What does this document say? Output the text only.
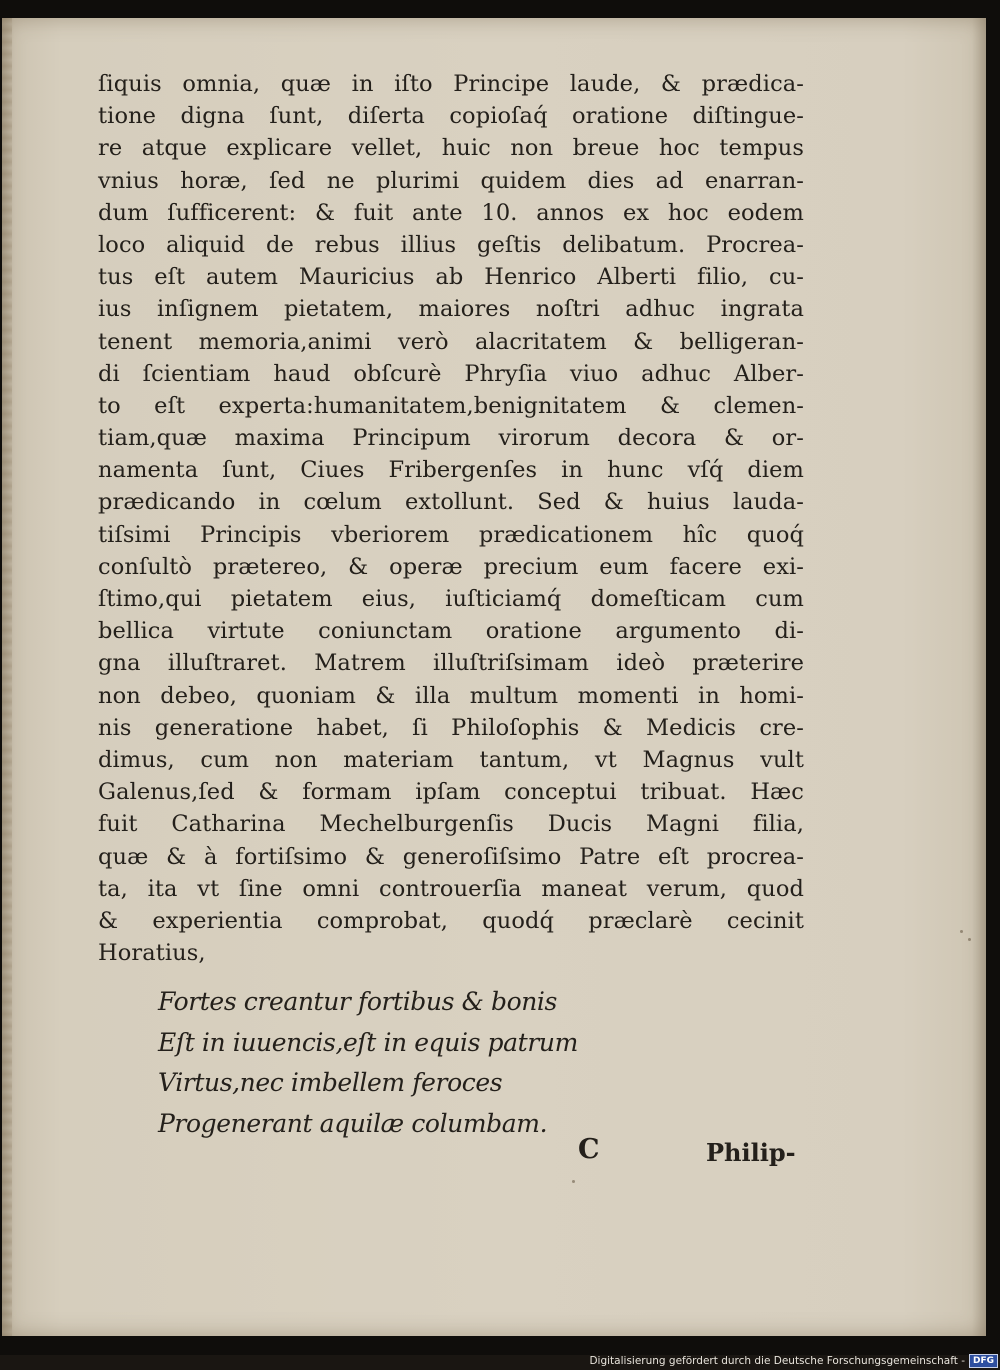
ſiquis omnia, quæ in iſto Principe laude, & prædica-
tione digna ſunt, diſerta copioſaq́ oratione diſtingue-
re atque explicare vellet, huic non breue hoc tempus
vnius horæ, ſed ne plurimi quidem dies ad enarran-
dum ſufficerent: & fuit ante 10. annos ex hoc eodem
loco aliquid de rebus illius geſtis delibatum. Procrea-
tus eſt autem Mauricius ab Henrico Alberti filio, cu-
ius inſignem pietatem, maiores noſtri adhuc ingrata
tenent memoria,animi verò alacritatem & belligeran-
di ſcientiam haud obſcurè Phryſia viuo adhuc Alber-
to eſt experta:humanitatem,benignitatem & clemen-
tiam,quæ maxima Principum virorum decora & or-
namenta ſunt, Ciues Fribergenſes in hunc vſq́ diem
prædicando in cœlum extollunt. Sed & huius lauda-
tiſsimi Principis vberiorem prædicationem hîc quoq́
conſultò prætereo, & operæ precium eum facere exi-
ſtimo,qui pietatem eius, iuſticiamq́ domeſticam cum
bellica virtute coniunctam oratione argumento di-
gna illuſtraret. Matrem illuſtriſsimam ideò præterire
non debeo, quoniam & illa multum momenti in homi-
nis generatione habet, ſi Philoſophis & Medicis cre-
dimus, cum non materiam tantum, vt Magnus vult
Galenus,ſed & formam ipſam conceptui tribuat. Hæc
fuit Catharina Mechelburgenſis Ducis Magni filia,
quæ & à fortiſsimo & generoſiſsimo Patre eſt procrea-
ta, ita vt ſine omni controuerſia maneat verum, quod
& experientia comprobat, quodq́ præclarè cecinit
Horatius,
Fortes creantur fortibus & bonis
Eſt in iuuencis,eſt in equis patrum
Virtus,nec imbellem feroces
Progenerant aquilæ columbam.
C	Philip-
Digitalisierung gefördert durch die Deutsche Forschungsgemeinschaft - DFG
